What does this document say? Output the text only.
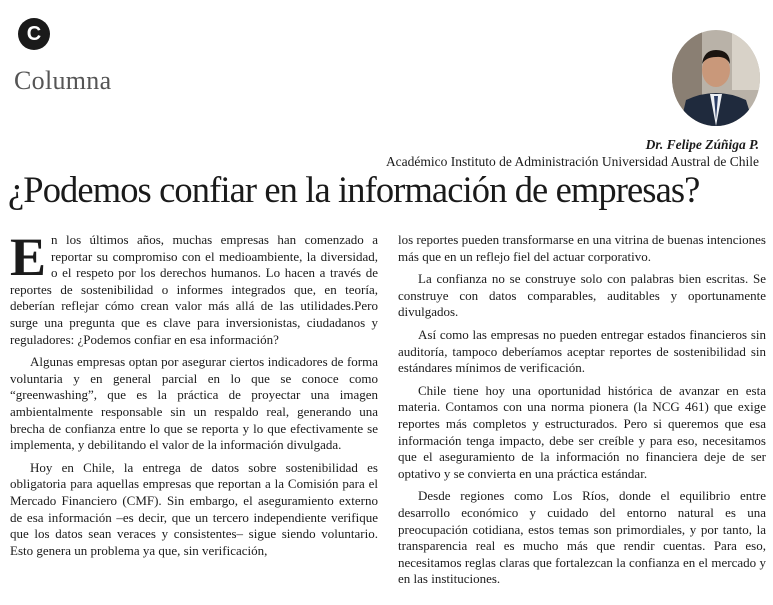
C
Columna
Dr. Felipe Zúñiga P.
Académico Instituto de Administración Universidad Austral de Chile
¿Podemos confiar en la información de empresas?

En los últimos años, muchas empresas han comenzado a reportar su compromiso con el medioambiente, la diversidad, o el respeto por los derechos humanos. Lo hacen a través de reportes de sostenibilidad o informes integrados que, en teoría, deberían reflejar cómo crean valor más allá de las utilidades.Pero surge una pregunta que es clave para inversionistas, ciudadanos y reguladores: ¿Podemos confiar en esa información?

Algunas empresas optan por asegurar ciertos indicadores de forma voluntaria y en general parcial en lo que se conoce como “greenwashing”, que es la práctica de proyectar una imagen ambientalmente responsable sin un respaldo real, generando una brecha de confianza entre lo que se reporta y lo que efectivamente se implementa, y debilitando el valor de la información divulgada.

Hoy en Chile, la entrega de datos sobre sostenibilidad es obligatoria para aquellas empresas que reportan a la Comisión para el Mercado Financiero (CMF). Sin embargo, el aseguramiento externo de esa información –es decir, que un tercero independiente verifique que los datos sean veraces y consistentes– sigue siendo voluntario. Esto genera un problema ya que, sin verificación,

los reportes pueden transformarse en una vitrina de buenas intenciones más que en un reflejo fiel del actuar corporativo.

La confianza no se construye solo con palabras bien escritas. Se construye con datos comparables, auditables y oportunamente divulgados.

Así como las empresas no pueden entregar estados financieros sin auditoría, tampoco deberíamos aceptar reportes de sostenibilidad sin estándares mínimos de verificación.

Chile tiene hoy una oportunidad histórica de avanzar en esta materia. Contamos con una norma pionera (la NCG 461) que exige reportes más completos y estructurados. Pero si queremos que esa información tenga impacto, debe ser creíble y para eso, necesitamos que el aseguramiento de la información no financiera deje de ser optativo y se convierta en una práctica estándar.

Desde regiones como Los Ríos, donde el equilibrio entre desarrollo económico y cuidado del entorno natural es una preocupación cotidiana, estos temas son primordiales, y por tanto, la transparencia real es mucho más que rendir cuentas. Para eso, necesitamos reglas claras que fortalezcan la confianza en el mercado y en las instituciones.
